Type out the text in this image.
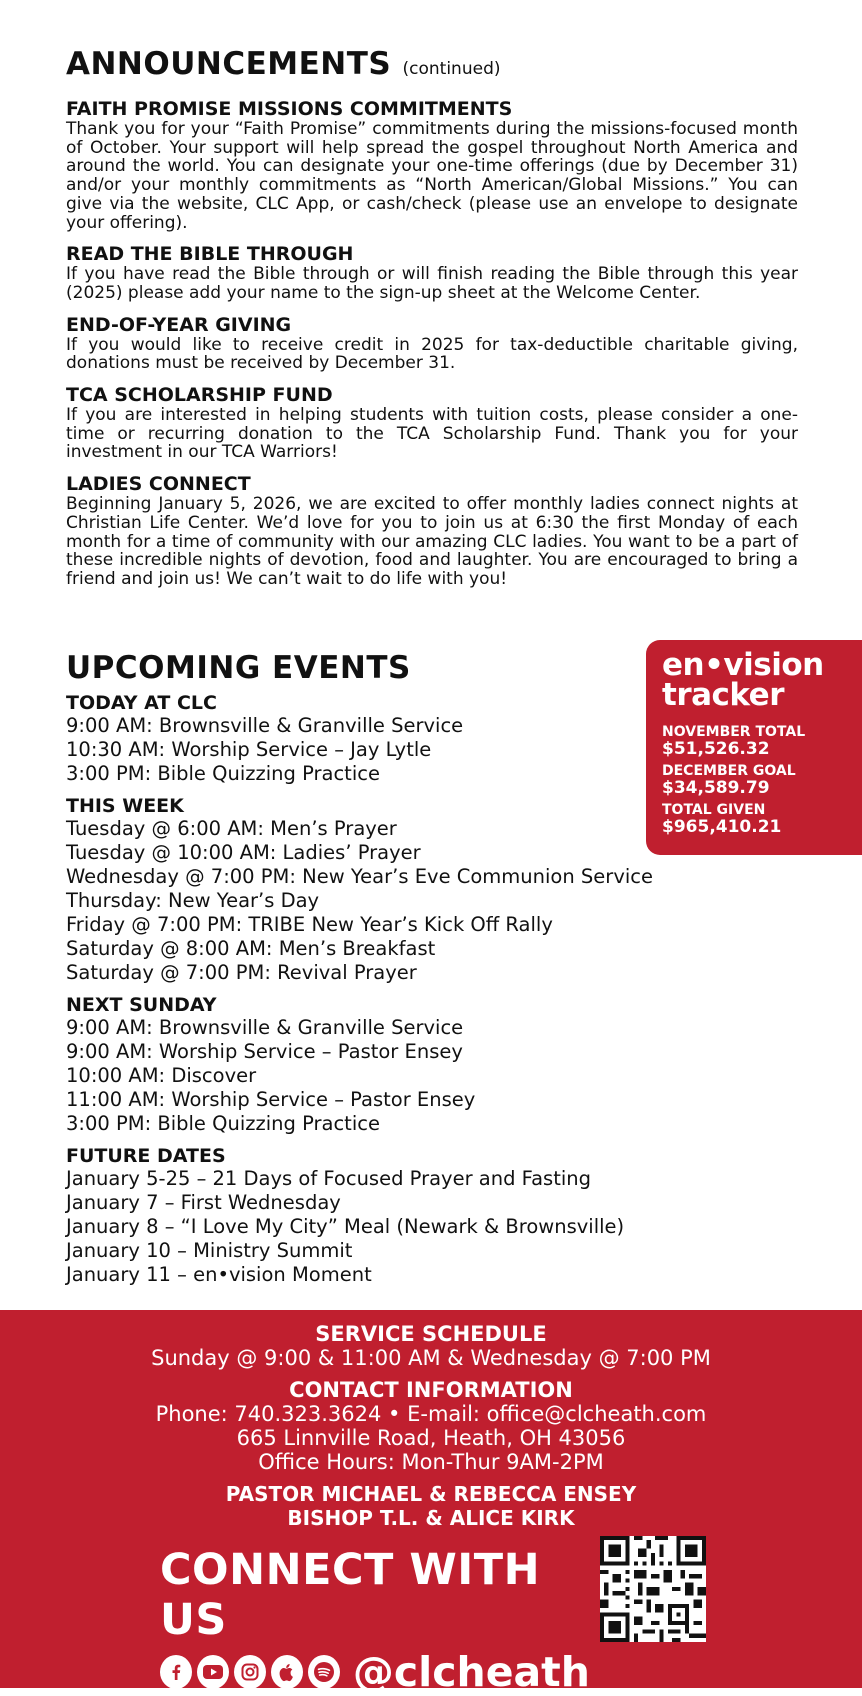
ANNOUNCEMENTS (continued)

FAITH PROMISE MISSIONS COMMITMENTS

Thank you for your “Faith Promise” commitments during the missions-focused month of October. Your support will help spread the gospel throughout North America and around the world. You can designate your one-time offerings (due by December 31) and/or your monthly commitments as “North American/Global Missions.” You can give via the website, CLC App, or cash/check (please use an envelope to designate your offering).

READ THE BIBLE THROUGH

If you have read the Bible through or will finish reading the Bible through this year (2025) please add your name to the sign-up sheet at the Welcome Center.

END-OF-YEAR GIVING

If you would like to receive credit in 2025 for tax-deductible charitable giving, donations must be received by December 31.

TCA SCHOLARSHIP FUND

If you are interested in helping students with tuition costs, please consider a one-time or recurring donation to the TCA Scholarship Fund. Thank you for your investment in our TCA Warriors!

LADIES CONNECT

Beginning January 5, 2026, we are excited to offer monthly ladies connect nights at Christian Life Center. We’d love for you to join us at 6:30 the first Monday of each month for a time of community with our amazing CLC ladies. You want to be a part of these incredible nights of devotion, food and laughter. You are encouraged to bring a friend and join us! We can’t wait to do life with you!

UPCOMING EVENTS

TODAY AT CLC

9:00 AM: Brownsville & Granville Service

10:30 AM: Worship Service – Jay Lytle

3:00 PM: Bible Quizzing Practice

THIS WEEK

Tuesday @ 6:00 AM: Men’s Prayer

Tuesday @ 10:00 AM: Ladies’ Prayer

Wednesday @ 7:00 PM: New Year’s Eve Communion Service

Thursday: New Year’s Day

Friday @ 7:00 PM: TRIBE New Year’s Kick Off Rally

Saturday @ 8:00 AM: Men’s Breakfast

Saturday @ 7:00 PM: Revival Prayer

NEXT SUNDAY

9:00 AM: Brownsville & Granville Service

9:00 AM: Worship Service – Pastor Ensey

10:00 AM: Discover

11:00 AM: Worship Service – Pastor Ensey

3:00 PM: Bible Quizzing Practice

FUTURE DATES

January 5-25 – 21 Days of Focused Prayer and Fasting

January 7 – First Wednesday

January 8 – “I Love My City” Meal (Newark & Brownsville)

January 10 – Ministry Summit

January 11 – en•vision Moment

en•vision

tracker

NOVEMBER TOTAL

$51,526.32

DECEMBER GOAL

$34,589.79

TOTAL GIVEN

$965,410.21

SERVICE SCHEDULE

Sunday @ 9:00 & 11:00 AM & Wednesday @ 7:00 PM

CONTACT INFORMATION

Phone: 740.323.3624 • E-mail: office@clcheath.com

665 Linnville Road, Heath, OH 43056

Office Hours: Mon-Thur 9AM-2PM

PASTOR MICHAEL & REBECCA ENSEY

BISHOP T.L. & ALICE KIRK

CONNECT WITH US

@clcheath
